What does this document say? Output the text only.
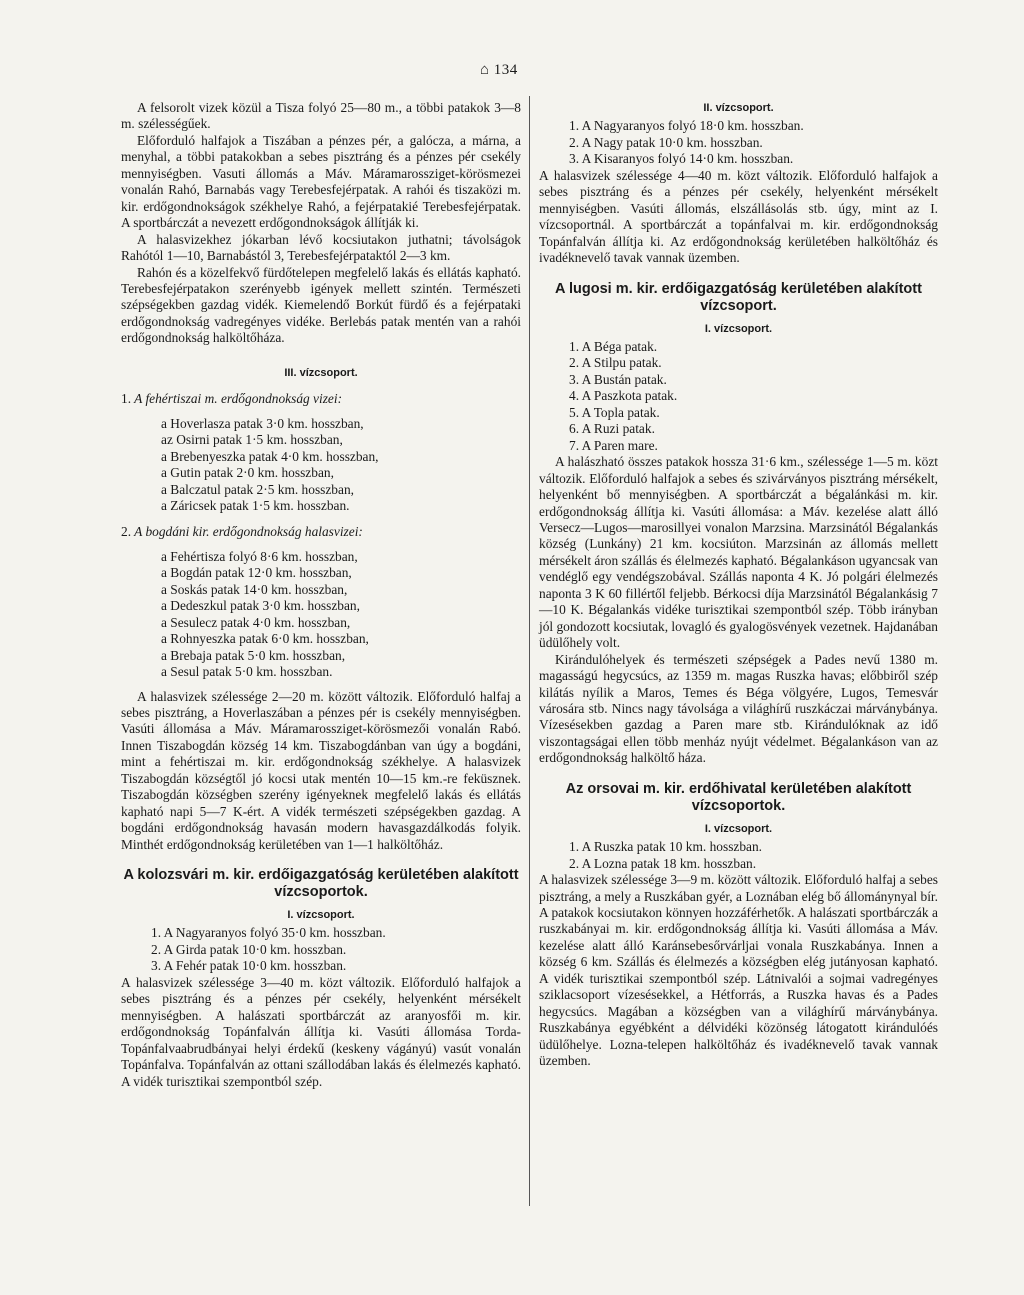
⌂ 134

A felsorolt vizek közül a Tisza folyó 25—80 m., a többi patakok 3—8 m. szélességűek.

Előforduló halfajok a Tiszában a pénzes pér, a galócza, a márna, a menyhal, a többi patakokban a sebes pisztráng és a pénzes pér csekély mennyiségben. Vasuti állomás a Máv. Máramarossziget-körösmezei vonalán Rahó, Barnabás vagy Terebesfejérpatak. A rahói és tiszaközi m. kir. erdőgondnokságok székhelye Rahó, a fejérpatakié Terebesfejérpatak. A sportbárczát a nevezett erdőgondnokságok állítják ki.

A halasvizekhez jókarban lévő kocsiutakon juthatni; távolságok Rahótól 1—10, Barnabástól 3, Terebesfejérpataktól 2—3 km.

Rahón és a közelfekvő fürdőtelepen megfelelő lakás és ellátás kapható. Terebesfejérpatakon szerényebb igények mellett szintén. Természeti szépségekben gazdag vidék. Kiemelendő Borkút fürdő és a fejérpataki erdőgondnokság vadregényes vidéke. Berlebás patak mentén van a rahói erdőgondnokság halköltőháza.

III. vízcsoport.
1. A fehértiszai m. erdőgondnokság vizei:
a Hoverlasza patak 3·0 km. hosszban,
az Osirni patak 1·5 km. hosszban,
a Brebenyeszka patak 4·0 km. hosszban,
a Gutin patak 2·0 km. hosszban,
a Balczatul patak 2·5 km. hosszban,
a Záricsek patak 1·5 km. hosszban.
2. A bogdáni kir. erdőgondnokság halasvizei:
a Fehértisza folyó 8·6 km. hosszban,
a Bogdán patak 12·0 km. hosszban,
a Soskás patak 14·0 km. hosszban,
a Dedeszkul patak 3·0 km. hosszban,
a Sesulecz patak 4·0 km. hosszban,
a Rohnyeszka patak 6·0 km. hosszban,
a Brebaja patak 5·0 km. hosszban,
a Sesul patak 5·0 km. hosszban.

A halasvizek szélessége 2—20 m. között változik. Előforduló halfaj a sebes pisztráng, a Hoverlaszában a pénzes pér is csekély mennyiségben. Vasúti állomása a Máv. Máramarossziget-körösmezői vonalán Rabó. Innen Tiszabogdán község 14 km. Tiszabogdánban van úgy a bogdáni, mint a fehértiszai m. kir. erdőgondnokság székhelye. A halasvizek Tiszabogdán községtől jó kocsi utak mentén 10—15 km.-re feküsznek. Tiszabogdán községben szerény igényeknek megfelelő lakás és ellátás kapható napi 5—7 K-ért. A vidék természeti szépségekben gazdag. A bogdáni erdőgondnokság havasán modern havasgazdálkodás folyik. Minthét erdőgondnokság kerületében van 1—1 halköltőház.

A kolozsvári m. kir. erdőigazgatóság kerületében alakított vízcsoportok.
I. vízcsoport.
1. A Nagyaranyos folyó 35·0 km. hosszban.
2. A Girda patak 10·0 km. hosszban.
3. A Fehér patak 10·0 km. hosszban.

A halasvizek szélessége 3—40 m. közt változik. Előforduló halfajok a sebes pisztráng és a pénzes pér csekély, helyenként mérsékelt mennyiségben. A halászati sportbárczát az aranyosfői m. kir. erdőgondnokság Topánfalván állítja ki. Vasúti állomása Torda-Topánfalvaabrudbányai helyi érdekű (keskeny vágányú) vasút vonalán Topánfalva. Topánfalván az ottani szállodában lakás és élelmezés kapható. A vidék turisztikai szempontból szép.

II. vízcsoport.
1. A Nagyaranyos folyó 18·0 km. hosszban.
2. A Nagy patak 10·0 km. hosszban.
3. A Kisaranyos folyó 14·0 km. hosszban.

A halasvizek szélessége 4—40 m. közt változik. Előforduló halfajok a sebes pisztráng és a pénzes pér csekély, helyenként mérsékelt mennyiségben. Vasúti állomás, elszállásolás stb. úgy, mint az I. vízcsoportnál. A sportbárczát a topánfalvai m. kir. erdőgondnokság Topánfalván állítja ki. Az erdőgondnokság kerületében halköltőház és ivadéknevelő tavak vannak üzemben.

A lugosi m. kir. erdőigazgatóság kerületében alakított vízcsoport.
I. vízcsoport.
1. A Béga patak.
2. A Stilpu patak.
3. A Bustán patak.
4. A Paszkota patak.
5. A Topla patak.
6. A Ruzi patak.
7. A Paren mare.

A halászható összes patakok hossza 31·6 km., szélessége 1—5 m. közt változik. Előforduló halfajok a sebes és szivárványos pisztráng mérsékelt, helyenként bő mennyiségben. A sportbárczát a bégalánkási m. kir. erdőgondnokság állítja ki. Vasúti állomása: a Máv. kezelése alatt álló Versecz—Lugos—marosillyei vonalon Marzsina. Marzsinától Bégalankás község (Lunkány) 21 km. kocsiúton. Marzsinán az állomás mellett mérsékelt áron szállás és élelmezés kapható. Bégalankáson ugyancsak van vendéglő egy vendégszobával. Szállás naponta 4 K. Jó polgári élelmezés naponta 3 K 60 fillértől feljebb. Bérkocsi díja Marzsinától Bégalankásig 7—10 K. Bégalankás vidéke turisztikai szempontból szép. Több irányban jól gondozott kocsiutak, lovagló és gyalogösvények vezetnek. Hajdanában üdülőhely volt.

Kirándulóhelyek és természeti szépségek a Pades nevű 1380 m. magasságú hegycsúcs, az 1359 m. magas Ruszka havas; előbbiről szép kilátás nyílik a Maros, Temes és Béga völgyére, Lugos, Temesvár városára stb. Nincs nagy távolsága a világhírű ruszkáczai márványbánya. Vízesésekben gazdag a Paren mare stb. Kirándulóknak az idő viszontagságai ellen több menház nyújt védelmet. Bégalankáson van az erdőgondnokság halköltő háza.

Az orsovai m. kir. erdőhivatal kerületében alakított vízcsoportok.
I. vízcsoport.
1. A Ruszka patak 10 km. hosszban.
2. A Lozna patak 18 km. hosszban.

A halasvizek szélessége 3—9 m. között változik. Előforduló halfaj a sebes pisztráng, a mely a Ruszkában gyér, a Loznában elég bő állománynyal bír. A patakok kocsiutakon könnyen hozzáférhetők. A halászati sportbárczák a ruszkabányai m. kir. erdőgondnokság állítja ki. Vasúti állomása a Máv. kezelése alatt álló Karánsebesőrvárljai vonala Ruszkabánya. Innen a község 6 km. Szállás és élelmezés a községben elég jutányosan kapható. A vidék turisztikai szempontból szép. Látnivalói a sojmai vadregényes sziklacsoport vízesésekkel, a Hétforrás, a Ruszka havas és a Pades hegycsúcs. Magában a községben van a világhírű márványbánya. Ruszkabánya egyébként a délvidéki közönség látogatott kirándulóés üdülőhelye. Lozna-telepen halköltőház és ivadéknevelő tavak vannak üzemben.
